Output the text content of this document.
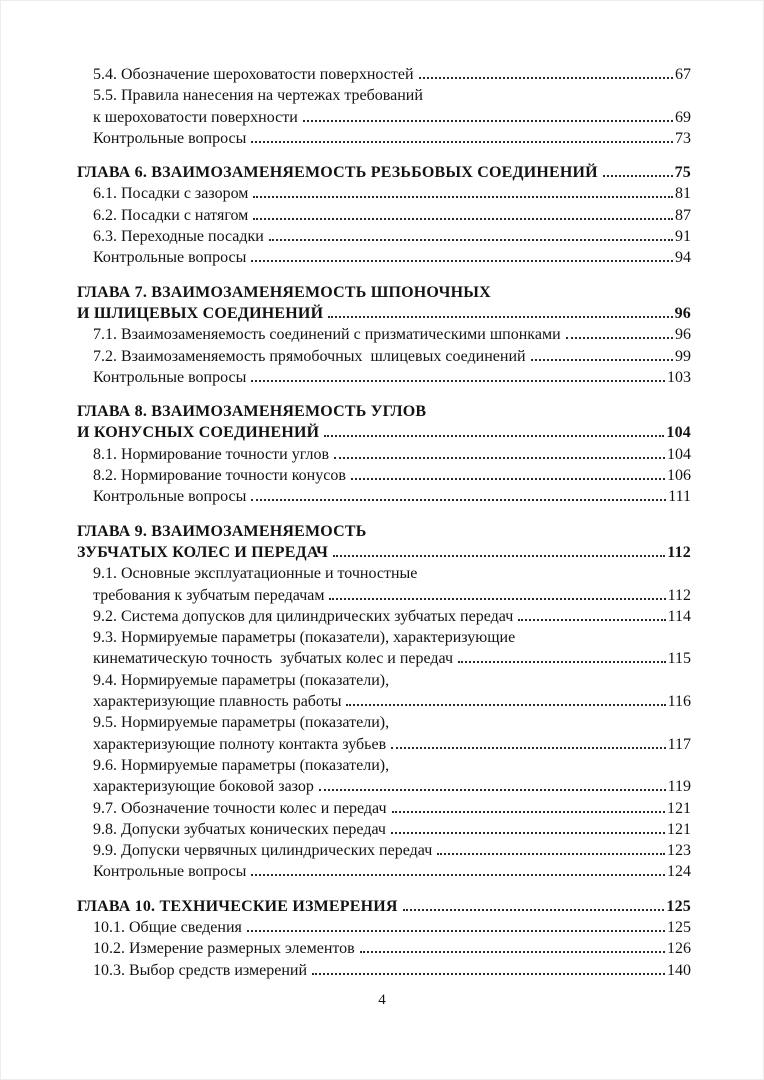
5.4. Обозначение шероховатости поверхностей	67
5.5. Правила нанесения на чертежах требований
к шероховатости поверхности	69
Контрольные вопросы	73
ГЛАВА 6. ВЗАИМОЗАМЕНЯЕМОСТЬ РЕЗЬБОВЫХ СОЕДИНЕНИЙ	75
6.1. Посадки с зазором	81
6.2. Посадки с натягом	87
6.3. Переходные посадки	91
Контрольные вопросы	94
ГЛАВА 7. ВЗАИМОЗАМЕНЯЕМОСТЬ ШПОНОЧНЫХ
И ШЛИЦЕВЫХ СОЕДИНЕНИЙ	96
7.1. Взаимозаменяемость соединений с призматическими шпонками	96
7.2. Взаимозаменяемость прямобочных  шлицевых соединений	99
Контрольные вопросы	103
ГЛАВА 8. ВЗАИМОЗАМЕНЯЕМОСТЬ УГЛОВ
И КОНУСНЫХ СОЕДИНЕНИЙ	104
8.1. Нормирование точности углов	104
8.2. Нормирование точности конусов	106
Контрольные вопросы	111
ГЛАВА 9. ВЗАИМОЗАМЕНЯЕМОСТЬ
ЗУБЧАТЫХ КОЛЕС И ПЕРЕДАЧ	112
9.1. Основные эксплуатационные и точностные
требования к зубчатым передачам	112
9.2. Система допусков для цилиндрических зубчатых передач	114
9.3. Нормируемые параметры (показатели), характеризующие
кинематическую точность  зубчатых колес и передач	115
9.4. Нормируемые параметры (показатели),
характеризующие плавность работы	116
9.5. Нормируемые параметры (показатели),
характеризующие полноту контакта зубьев	117
9.6. Нормируемые параметры (показатели),
характеризующие боковой зазор	119
9.7. Обозначение точности колес и передач	121
9.8. Допуски зубчатых конических передач	121
9.9. Допуски червячных цилиндрических передач	123
Контрольные вопросы	124
ГЛАВА 10. ТЕХНИЧЕСКИЕ ИЗМЕРЕНИЯ	125
10.1. Общие сведения	125
10.2. Измерение размерных элементов	126
10.3. Выбор средств измерений	140
4
